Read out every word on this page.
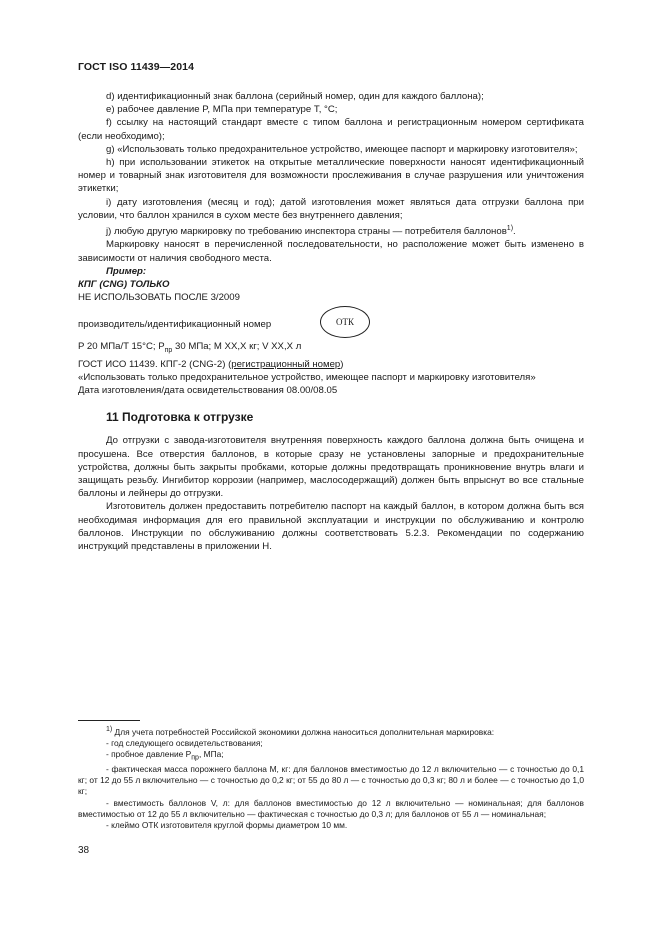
ГОСТ ISO 11439—2014

d) идентификационный знак баллона (серийный номер, один для каждого баллона);

e) рабочее давление P, МПа при температуре T, °C;

f) ссылку на настоящий стандарт вместе с типом баллона и регистрационным номером сертификата (если необходимо);

g) «Использовать только предохранительное устройство, имеющее паспорт и маркировку изготовителя»;

h) при использовании этикеток на открытые металлические поверхности наносят идентификационный номер и товарный знак изготовителя для возможности прослеживания в случае разрушения или уничтожения этикетки;

i) дату изготовления (месяц и год); датой изготовления может являться дата отгрузки баллона при условии, что баллон хранился в сухом месте без внутреннего давления;

j) любую другую маркировку по требованию инспектора страны — потребителя баллонов$^{1)}$.

Маркировку наносят в перечисленной последовательности, но расположение может быть изменено в зависимости от наличия свободного места.

Пример:

КПГ (CNG) ТОЛЬКО

НЕ ИСПОЛЬЗОВАТЬ ПОСЛЕ 3/2009

производитель/идентификационный номер	ОТК

P 20 МПа/T 15°С; $P_{пр}$ 30 МПа; M XX,X кг; V XX,X л

ГОСТ ИСО 11439. КПГ-2 (CNG-2) (регистрационный номер)

«Использовать только предохранительное устройство, имеющее паспорт и маркировку изготовителя»

Дата изготовления/дата освидетельствования 08.00/08.05

11 Подготовка к отгрузке

До отгрузки с завода-изготовителя внутренняя поверхность каждого баллона должна быть очищена и просушена. Все отверстия баллонов, в которые сразу не установлены запорные и предохранительные устройства, должны быть закрыты пробками, которые должны предотвращать проникновение внутрь влаги и защищать резьбу. Ингибитор коррозии (например, маслосодержащий) должен быть впрыснут во все стальные баллоны и лейнеры до отгрузки.

Изготовитель должен предоставить потребителю паспорт на каждый баллон, в котором должна быть вся необходимая информация для его правильной эксплуатации и инструкции по обслуживанию и контролю баллонов. Инструкции по обслуживанию должны соответствовать 5.2.3. Рекомендации по содержанию инструкций представлены в приложении Н.

$^{1)}$ Для учета потребностей Российской экономики должна наноситься дополнительная маркировка:

- год следующего освидетельствования;

- пробное давление $P_{пр}$, МПа;

- фактическая масса порожнего баллона M, кг: для баллонов вместимостью до 12 л включительно — с точностью до 0,1 кг; от 12 до 55 л включительно — с точностью до 0,2 кг; от 55 до 80 л — с точностью до 0,3 кг; 80 л и более — с точностью до 1,0 кг;

- вместимость баллонов V, л: для баллонов вместимостью до 12 л включительно — номинальная; для баллонов вместимостью от 12 до 55 л включительно — фактическая с точностью до 0,3 л; для баллонов от 55 л — номинальная;

- клеймо ОТК изготовителя круглой формы диаметром 10 мм.

38
